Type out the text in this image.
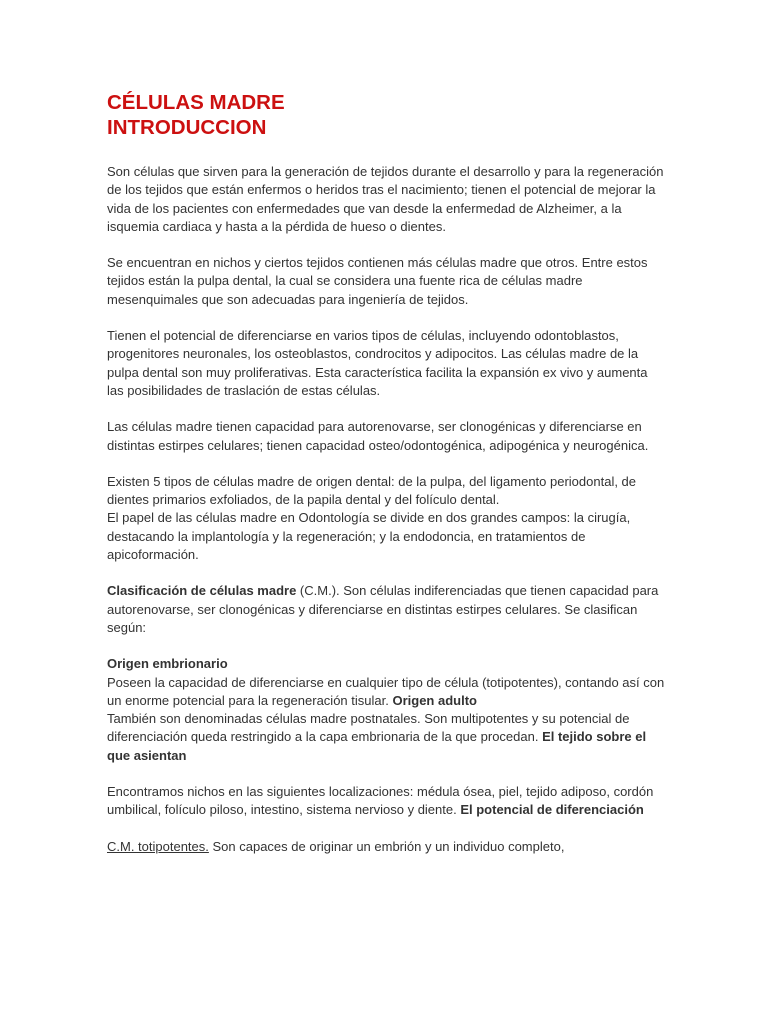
CÉLULAS MADRE
INTRODUCCION

Son células que sirven para la generación de tejidos durante el desarrollo y para la regeneración de los tejidos que están enfermos o heridos tras el nacimiento; tienen el potencial de mejorar la vida de los pacientes con enfermedades que van desde la enfermedad de Alzheimer, a la isquemia cardiaca y hasta a la pérdida de hueso o dientes.

Se encuentran en nichos y ciertos tejidos contienen más células madre que otros. Entre estos tejidos están la pulpa dental, la cual se considera una fuente rica de células madre mesenquimales que son adecuadas para ingeniería de tejidos.

Tienen el potencial de diferenciarse en varios tipos de células, incluyendo odontoblastos, progenitores neuronales, los osteoblastos, condrocitos y adipocitos. Las células madre de la pulpa dental son muy proliferativas. Esta característica facilita la expansión ex vivo y aumenta las posibilidades de traslación de estas células.

Las células madre tienen capacidad para autorenovarse, ser clonogénicas y diferenciarse en distintas estirpes celulares; tienen capacidad osteo/odontogénica, adipogénica y neurogénica.

Existen 5 tipos de células madre de origen dental: de la pulpa, del ligamento periodontal, de dientes primarios exfoliados, de la papila dental y del folículo dental.
El papel de las células madre en Odontología se divide en dos grandes campos: la cirugía, destacando la implantología y la regeneración; y la endodoncia, en tratamientos de apicoformación.

Clasificación de células madre (C.M.). Son células indiferenciadas que tienen capacidad para autorenovarse, ser clonogénicas y diferenciarse en distintas estirpes celulares. Se clasifican según:

Origen embrionario
Poseen la capacidad de diferenciarse en cualquier tipo de célula (totipotentes), contando así con un enorme potencial para la regeneración tisular. Origen adulto
También son denominadas células madre postnatales. Son multipotentes y su potencial de diferenciación queda restringido a la capa embrionaria de la que procedan. El tejido sobre el que asientan

Encontramos nichos en las siguientes localizaciones: médula ósea, piel, tejido adiposo, cordón umbilical, folículo piloso, intestino, sistema nervioso y diente. El potencial de diferenciación

C.M. totipotentes. Son capaces de originar un embrión y un individuo completo,
